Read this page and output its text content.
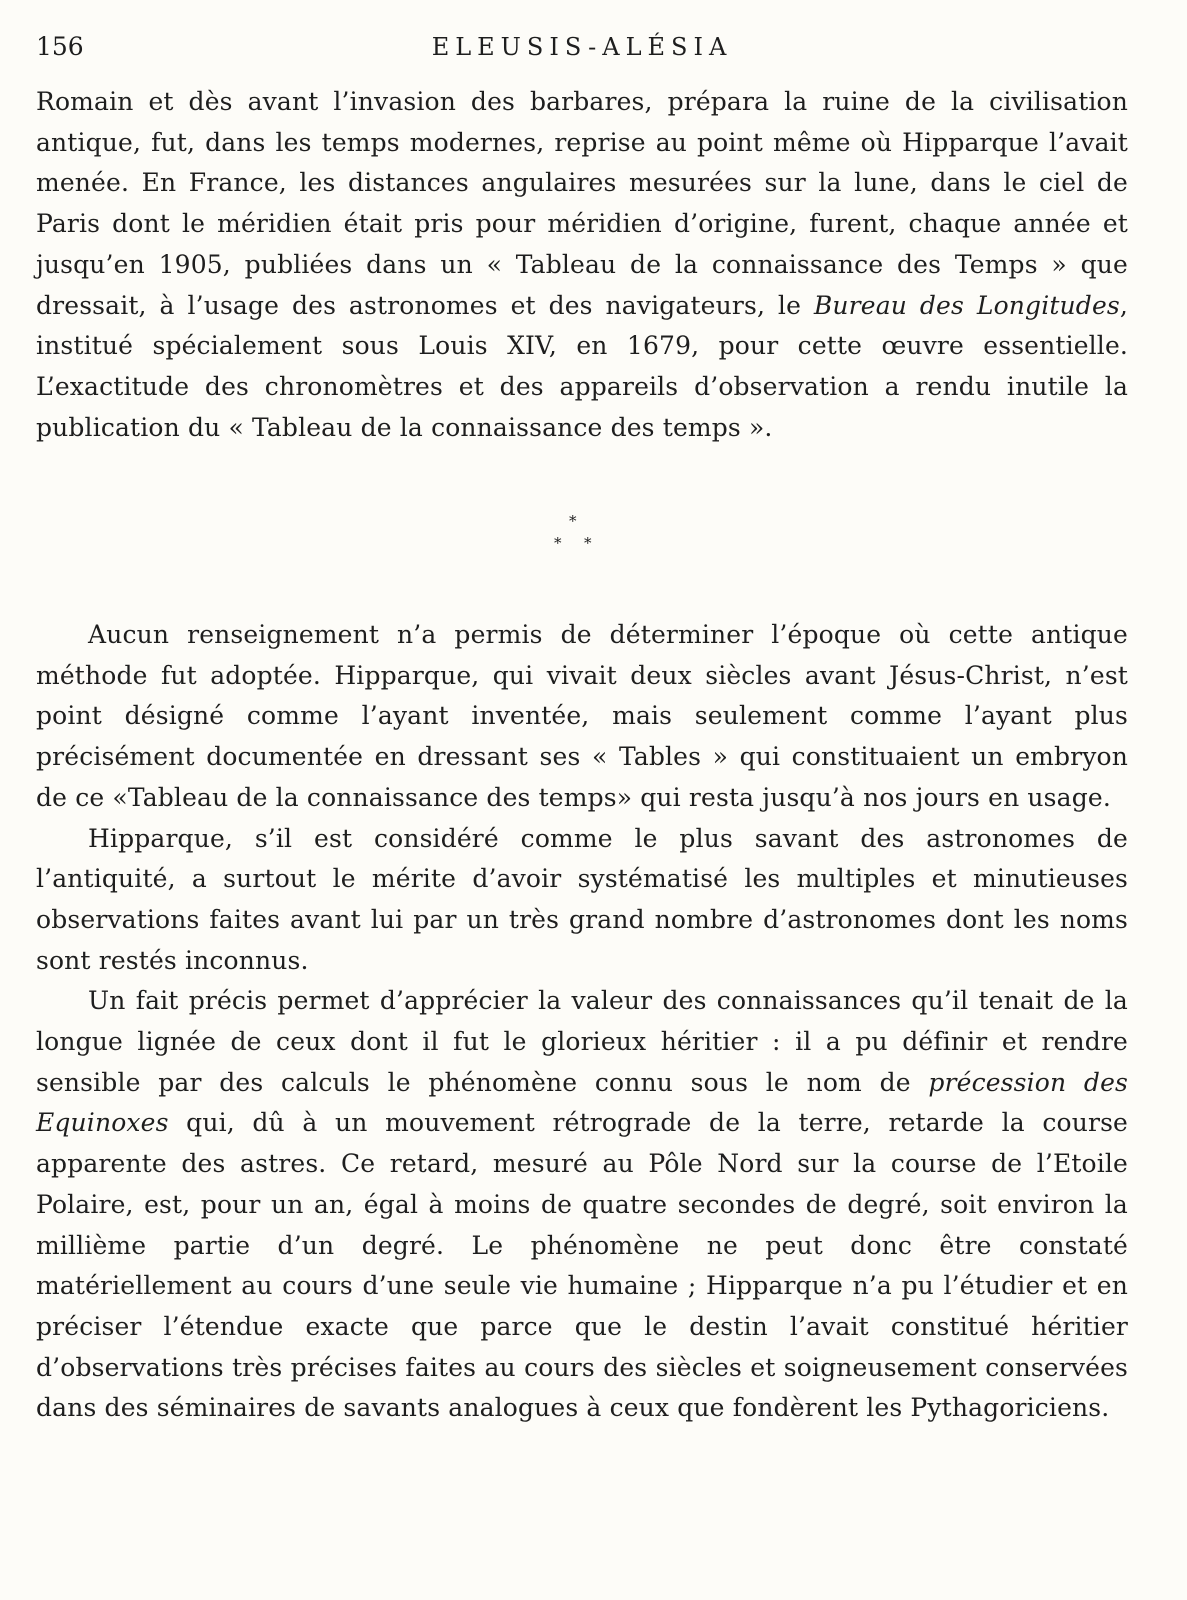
156	ELEUSIS-ALÉSIA

Romain et dès avant l’invasion des barbares, prépara la ruine de la civilisation antique, fut, dans les temps modernes, reprise au point même où Hipparque l’avait menée. En France, les distances angulaires mesurées sur la lune, dans le ciel de Paris dont le méridien était pris pour méridien d’origine, furent, chaque année et jusqu’en 1905, publiées dans un « Tableau de la connaissance des Temps » que dressait, à l’usage des astronomes et des navigateurs, le Bureau des Longitudes, institué spécialement sous Louis XIV, en 1679, pour cette œuvre essentielle. L’exactitude des chronomètres et des appareils d’observation a rendu inutile la publication du « Tableau de la connaissance des temps ».

*
* *

Aucun renseignement n’a permis de déterminer l’époque où cette antique méthode fut adoptée. Hipparque, qui vivait deux siècles avant Jésus-Christ, n’est point désigné comme l’ayant inventée, mais seulement comme l’ayant plus précisément documentée en dressant ses « Tables » qui constituaient un embryon de ce «Tableau de la connaissance des temps» qui resta jusqu’à nos jours en usage.

Hipparque, s’il est considéré comme le plus savant des astronomes de l’antiquité, a surtout le mérite d’avoir systématisé les multiples et minutieuses observations faites avant lui par un très grand nombre d’astronomes dont les noms sont restés inconnus.

Un fait précis permet d’apprécier la valeur des connaissances qu’il tenait de la longue lignée de ceux dont il fut le glorieux héritier : il a pu définir et rendre sensible par des calculs le phénomène connu sous le nom de précession des Equinoxes qui, dû à un mouvement rétrograde de la terre, retarde la course apparente des astres. Ce retard, mesuré au Pôle Nord sur la course de l’Etoile Polaire, est, pour un an, égal à moins de quatre secondes de degré, soit environ la millième partie d’un degré. Le phénomène ne peut donc être constaté matériellement au cours d’une seule vie humaine ; Hipparque n’a pu l’étudier et en préciser l’étendue exacte que parce que le destin l’avait constitué héritier d’observations très précises faites au cours des siècles et soigneusement conservées dans des séminaires de savants analogues à ceux que fondèrent les Pythagoriciens.
